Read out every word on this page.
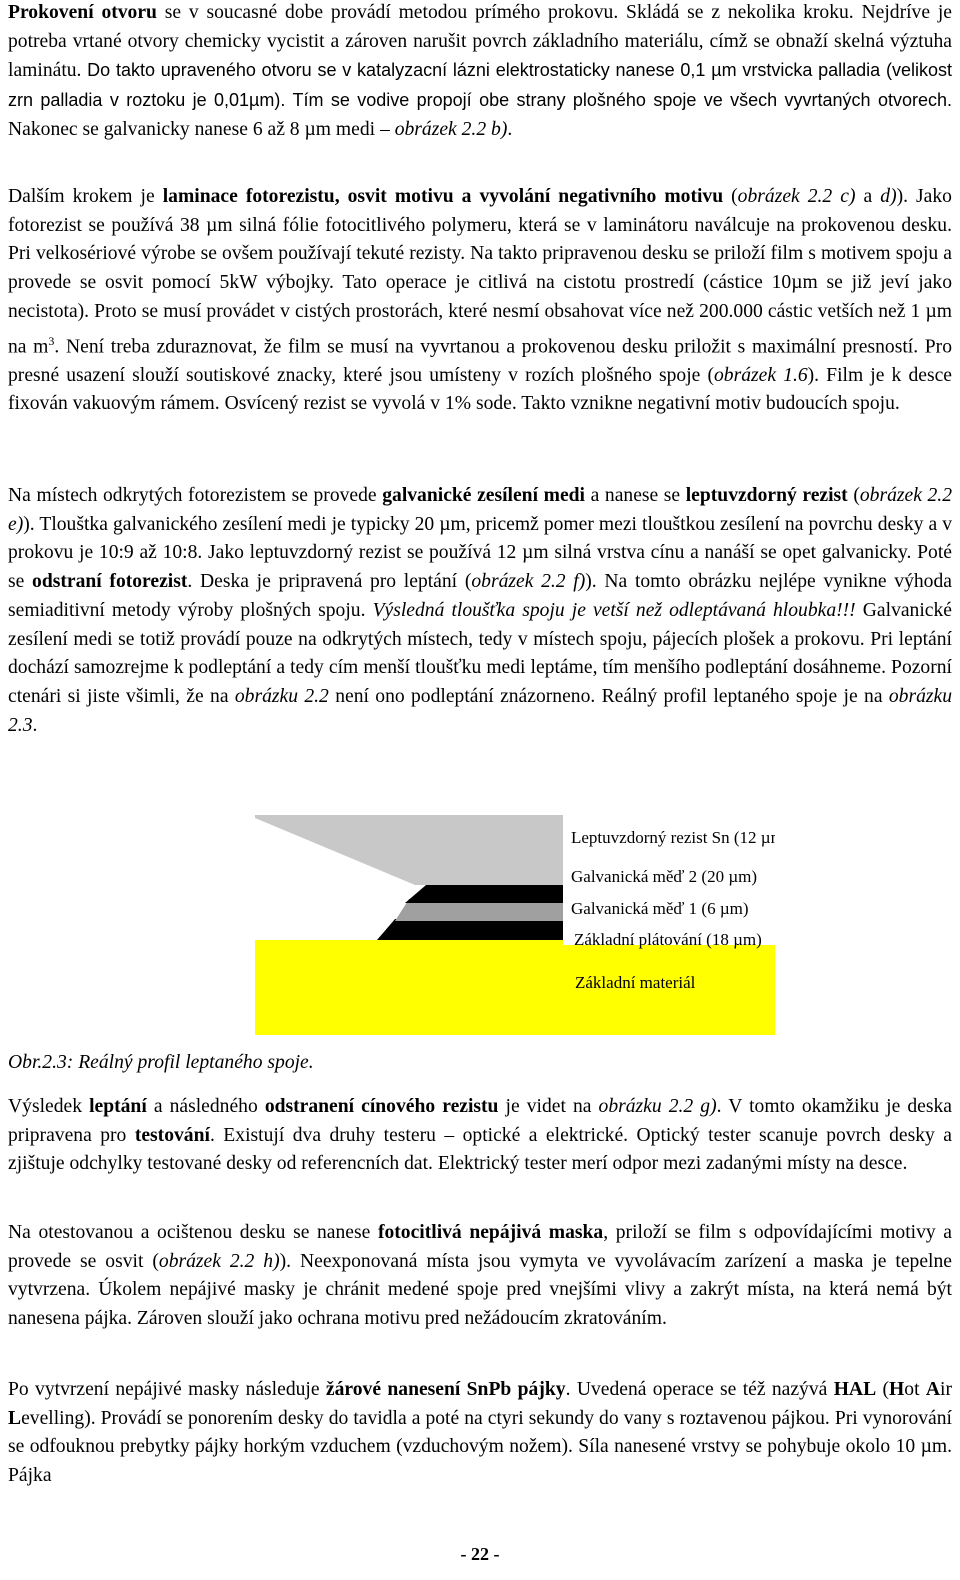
Prokovení otvoru se v soucasné dobe provádí metodou prímého prokovu. Skládá se z nekolika kroku. Nejdríve je potreba vrtané otvory chemicky vycistit a zároven narušit povrch základního materiálu, címž se obnaží skelná výztuha laminátu. Do takto upraveného otvoru se v katalyzacní lázni elektrostaticky nanese 0,1 µm vrstvicka palladia (velikost zrn palladia v roztoku je 0,01µm). Tím se vodive propojí obe strany plošného spoje ve všech vyvrtaných otvorech. Nakonec se galvanicky nanese 6 až 8 µm medi – obrázek 2.2 b).

Dalším krokem je laminace fotorezistu, osvit motivu a vyvolání negativního motivu (obrázek 2.2 c) a d)). Jako fotorezist se používá 38 µm silná fólie fotocitlivého polymeru, která se v laminátoru naválcuje na prokovenou desku. Pri velkosériové výrobe se ovšem používají tekuté rezisty. Na takto pripravenou desku se priloží film s motivem spoju a provede se osvit pomocí 5kW výbojky. Tato operace je citlivá na cistotu prostredí (cástice 10µm se již jeví jako necistota). Proto se musí provádet v cistých prostorách, které nesmí obsahovat více než 200.000 cástic vetších než 1 µm na $m^3$. Není treba zduraznovat, že film se musí na vyvrtanou a prokovenou desku priložit s maximální presností. Pro presné usazení slouží soutiskové znacky, které jsou umísteny v rozích plošného spoje (obrázek 1.6). Film je k desce fixován vakuovým rámem. Osvícený rezist se vyvolá v 1% sode. Takto vznikne negativní motiv budoucích spoju.

Na místech odkrytých fotorezistem se provede galvanické zesílení medi a nanese se leptuvzdorný rezist (obrázek 2.2 e)). Tlouštka galvanického zesílení medi je typicky 20 µm, pricemž pomer mezi tlouštkou zesílení na povrchu desky a v prokovu je 10:9 až 10:8. Jako leptuvzdorný rezist se používá 12 µm silná vrstva cínu a nanáší se opet galvanicky. Poté se odstraní fotorezist. Deska je pripravená pro leptání (obrázek 2.2 f)). Na tomto obrázku nejlépe vynikne výhoda semiaditivní metody výroby plošných spoju. Výsledná tloušťka spoju je vetší než odleptávaná hloubka!!! Galvanické zesílení medi se totiž provádí pouze na odkrytých místech, tedy v místech spoju, pájecích plošek a prokovu. Pri leptání dochází samozrejme k podleptání a tedy cím menší tloušťku medi leptáme, tím menšího podleptání dosáhneme. Pozorní ctenári si jiste všimli, že na obrázku 2.2 není ono podleptání znázorneno. Reálný profil leptaného spoje je na obrázku 2.3.

Leptuvzdorný rezist Sn (12 µm)
Galvanická měď 2 (20 µm)
Galvanická měď 1 (6 µm)
Základní plátování (18 µm)
Základní materiál
Obr.2.3: Reálný profil leptaného spoje.

Výsledek leptání a následného odstranení cínového rezistu je videt na obrázku 2.2 g). V tomto okamžiku je deska pripravena pro testování. Existují dva druhy testeru – optické a elektrické. Optický tester scanuje povrch desky a zjištuje odchylky testované desky od referencních dat. Elektrický tester merí odpor mezi zadanými místy na desce.

Na otestovanou a ocištenou desku se nanese fotocitlivá nepájivá maska, priloží se film s odpovídajícími motivy a provede se osvit (obrázek 2.2 h)). Neexponovaná místa jsou vymyta ve vyvolávacím zarízení a maska je tepelne vytvrzena. Úkolem nepájivé masky je chránit medené spoje pred vnejšími vlivy a zakrýt místa, na která nemá být nanesena pájka. Zároven slouží jako ochrana motivu pred nežádoucím zkratováním.

Po vytvrzení nepájivé masky následuje žárové nanesení SnPb pájky. Uvedená operace se též nazývá HAL (Hot Air Levelling). Provádí se ponorením desky do tavidla a poté na ctyri sekundy do vany s roztavenou pájkou. Pri vynorování se odfouknou prebytky pájky horkým vzduchem (vzduchovým nožem). Síla nanesené vrstvy se pohybuje okolo 10 µm. Pájka

- 22 -
